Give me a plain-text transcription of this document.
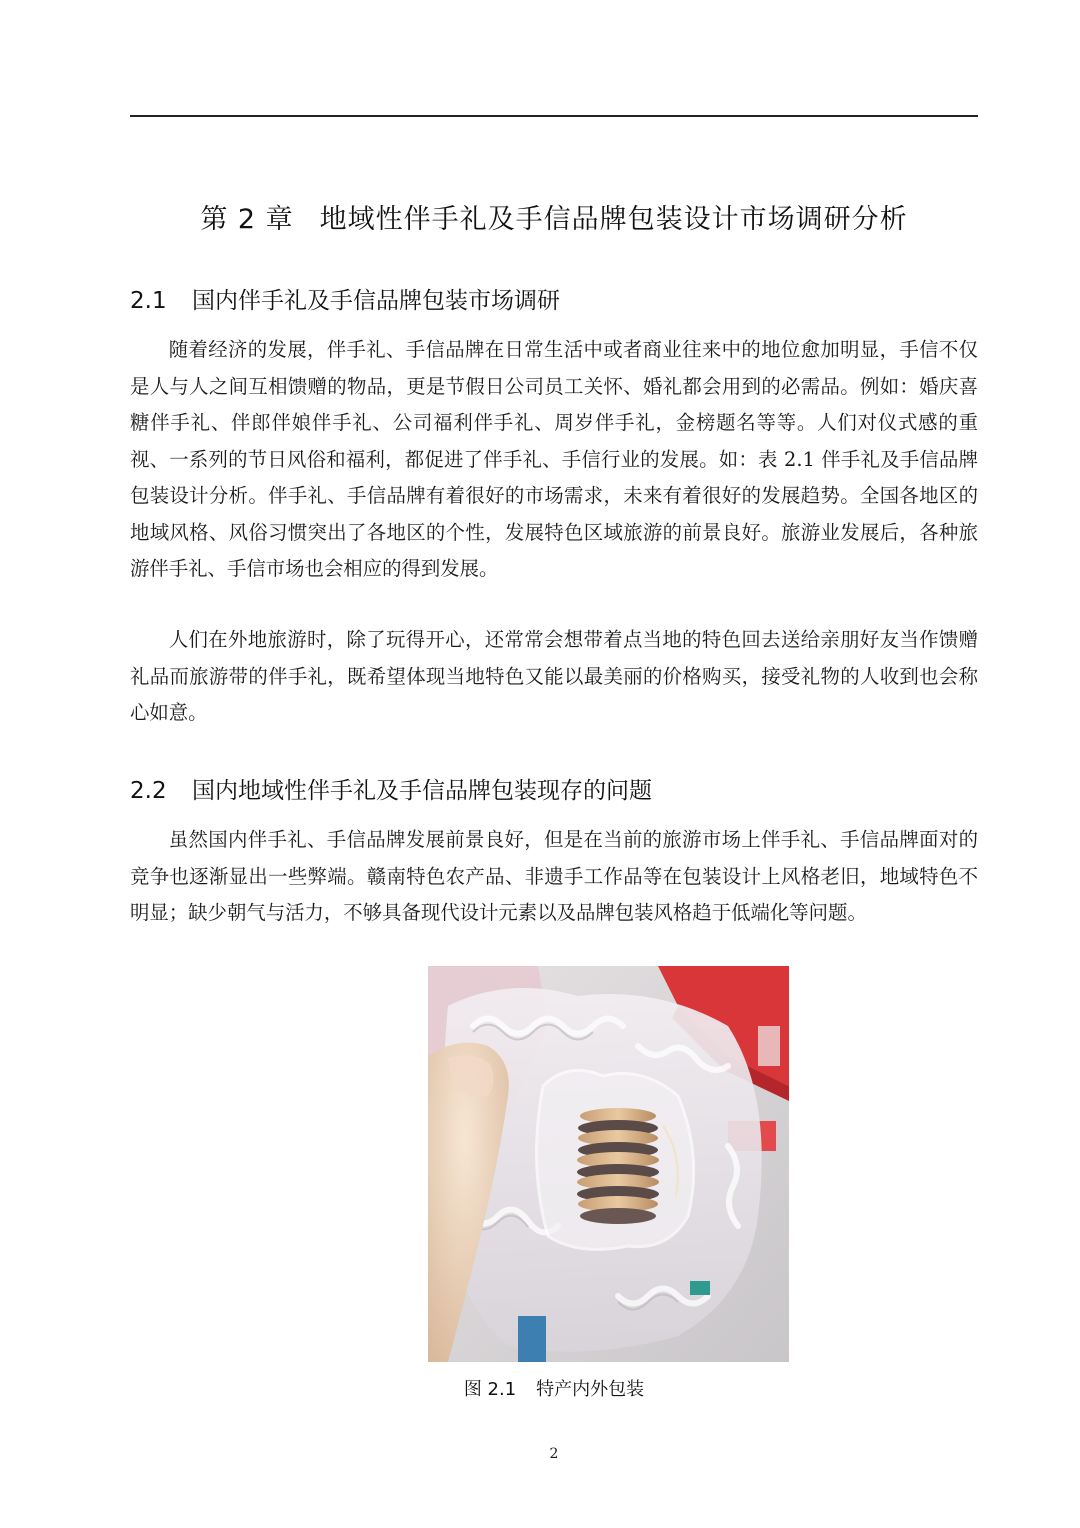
第 2 章 地域性伴手礼及手信品牌包装设计市场调研分析
2.1 国内伴手礼及手信品牌包装市场调研

随着经济的发展，伴手礼、手信品牌在日常生活中或者商业往来中的地位愈加明显，手信不仅是人与人之间互相馈赠的物品，更是节假日公司员工关怀、婚礼都会用到的必需品。例如：婚庆喜糖伴手礼、伴郎伴娘伴手礼、公司福利伴手礼、周岁伴手礼，金榜题名等等。人们对仪式感的重视、一系列的节日风俗和福利，都促进了伴手礼、手信行业的发展。如：表 2.1 伴手礼及手信品牌包装设计分析。伴手礼、手信品牌有着很好的市场需求，未来有着很好的发展趋势。全国各地区的地域风格、风俗习惯突出了各地区的个性，发展特色区域旅游的前景良好。旅游业发展后，各种旅游伴手礼、手信市场也会相应的得到发展。

人们在外地旅游时，除了玩得开心，还常常会想带着点当地的特色回去送给亲朋好友当作馈赠礼品而旅游带的伴手礼，既希望体现当地特色又能以最美丽的价格购买，接受礼物的人收到也会称心如意。

2.2 国内地域性伴手礼及手信品牌包装现存的问题

虽然国内伴手礼、手信品牌发展前景良好，但是在当前的旅游市场上伴手礼、手信品牌面对的竞争也逐渐显出一些弊端。赣南特色农产品、非遗手工作品等在包装设计上风格老旧，地域特色不明显；缺少朝气与活力，不够具备现代设计元素以及品牌包装风格趋于低端化等问题。

图 2.1 特产内外包装
2
